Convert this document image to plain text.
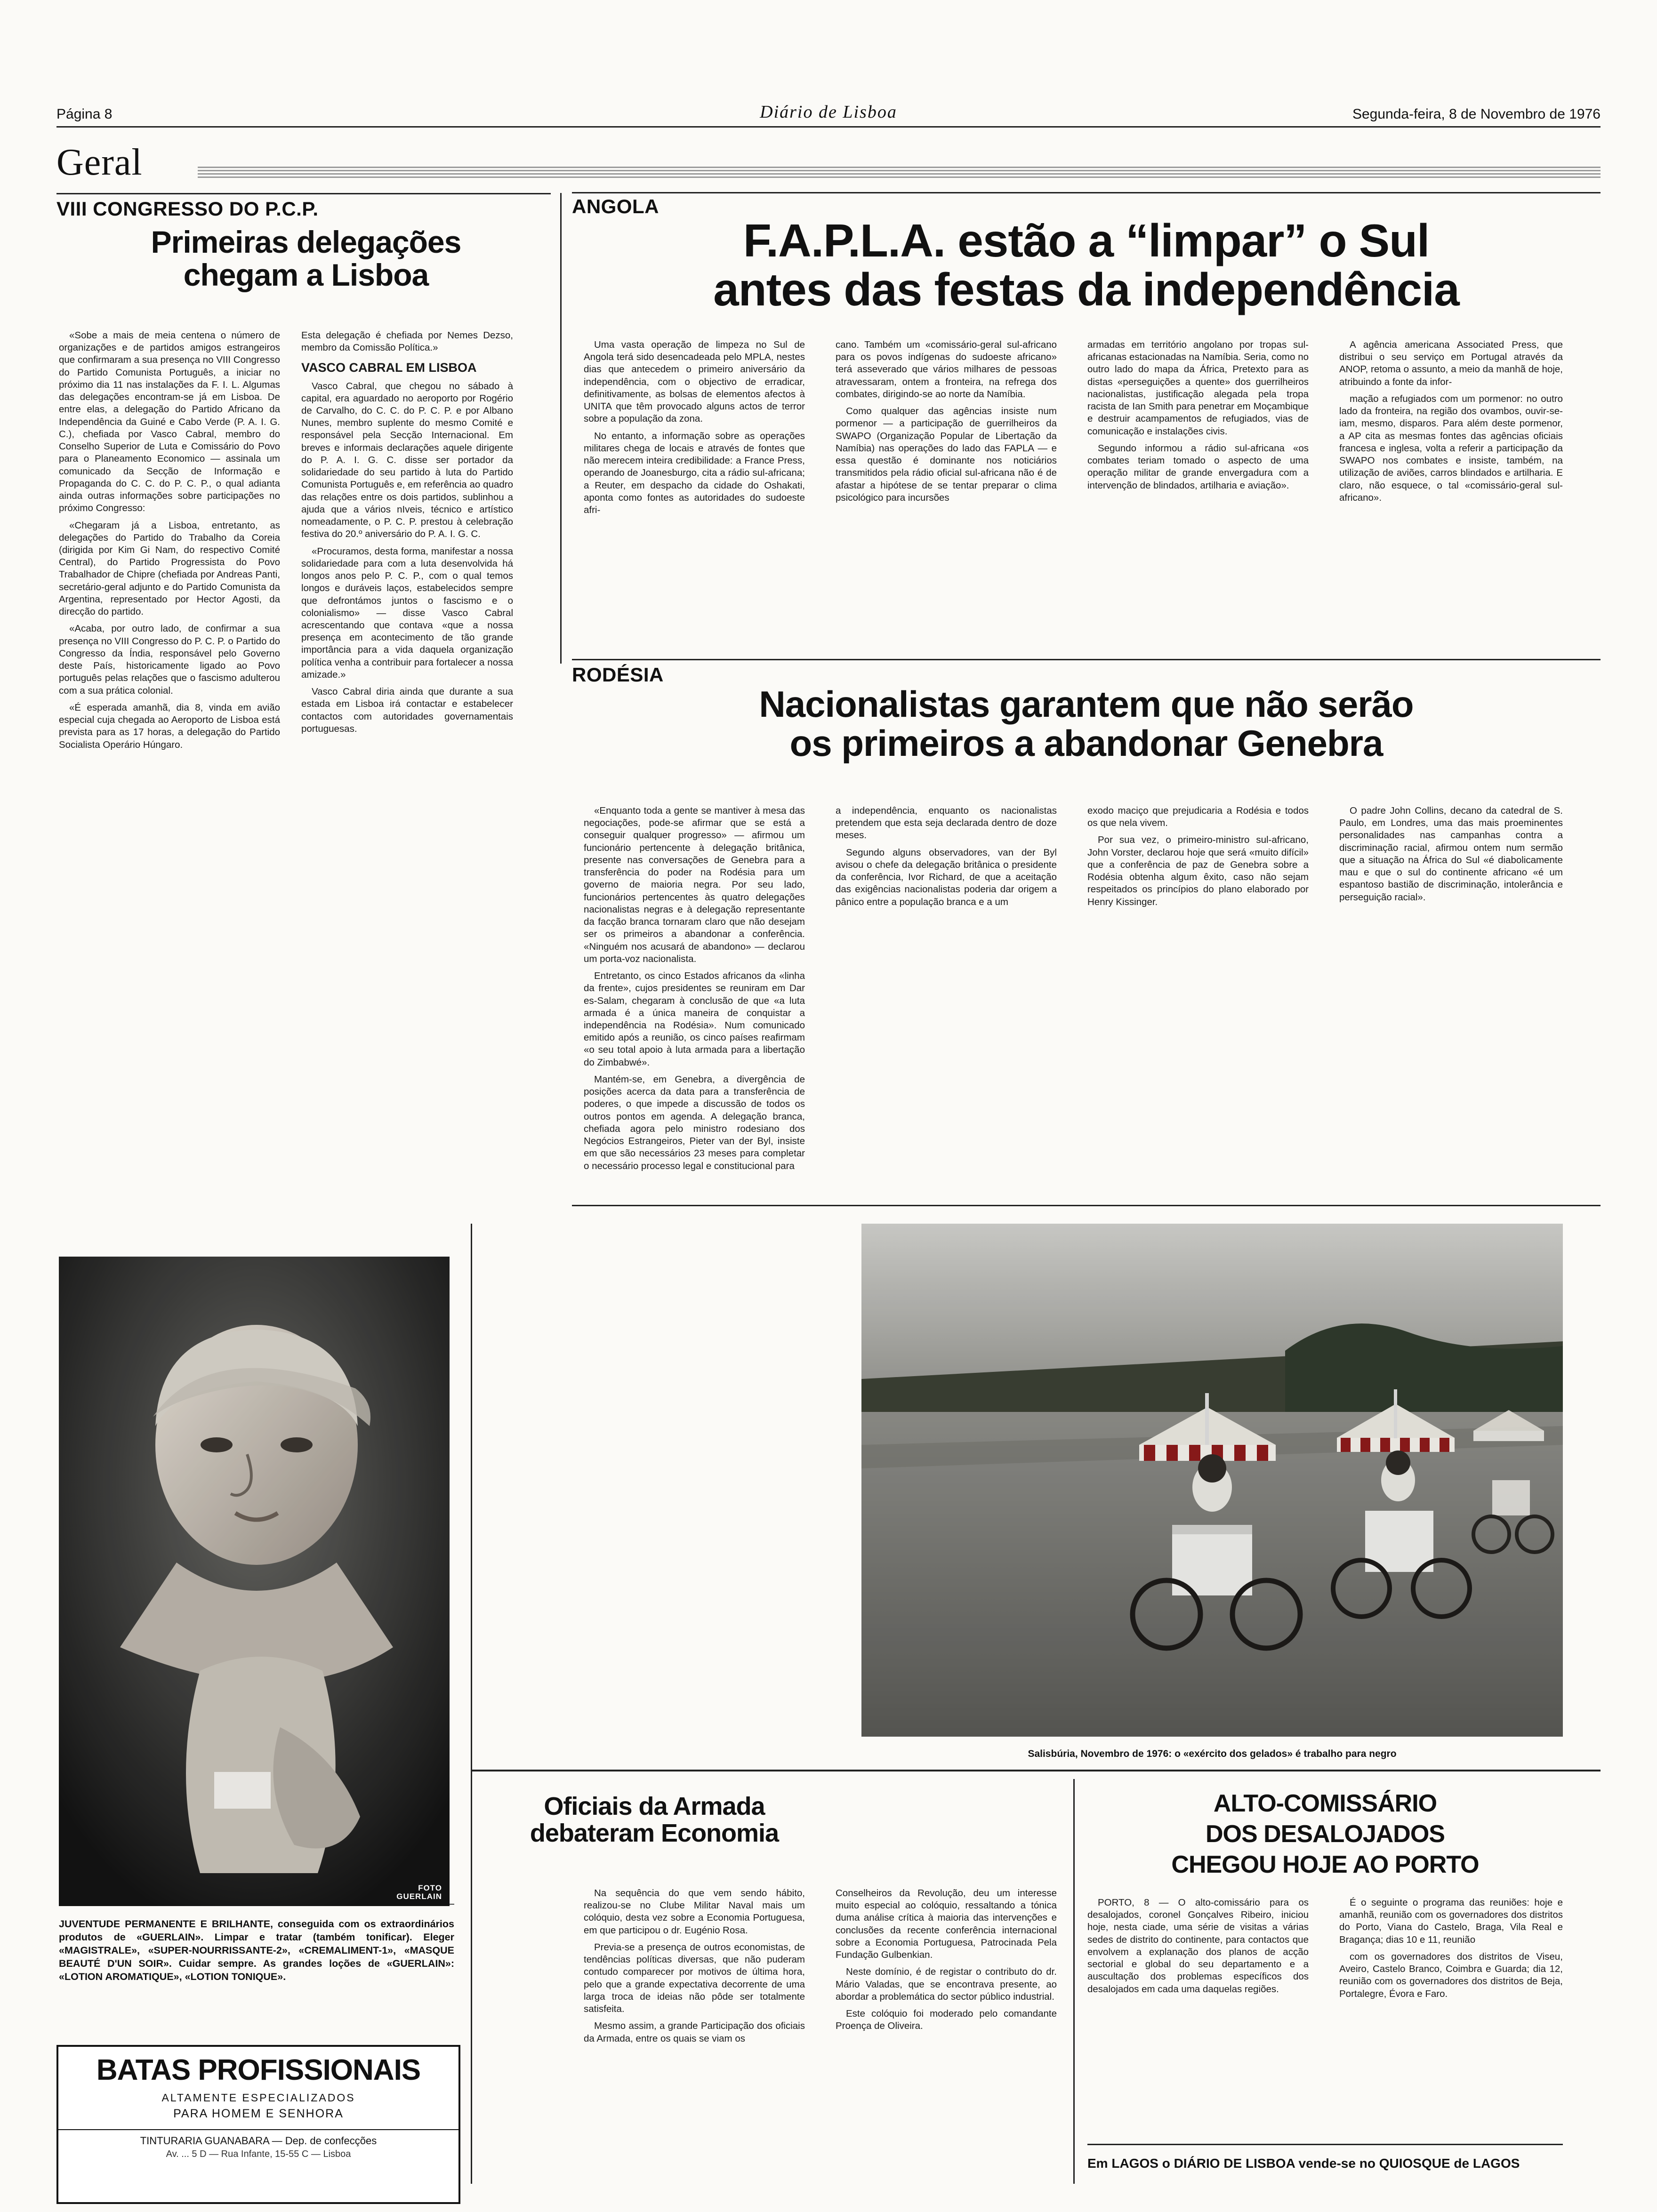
Página 8	Diário de Lisboa	Segunda-feira, 8 de Novembro de 1976
Geral
VIII CONGRESSO DO P.C.P.
Primeiras delegações
chegam a Lisboa

«Sobe a mais de meia centena o número de organizações e de partidos amigos estrangeiros que confirmaram a sua presença no VIII Congresso do Partido Comunista Português, a iniciar no próximo dia 11 nas instalações da F. I. L. Algumas das delegações encontram-se já em Lisboa. De entre elas, a delegação do Partido Africano da Independência da Guiné e Cabo Verde (P. A. I. G. C.), chefiada por Vasco Cabral, membro do Conselho Superior de Luta e Comissário do Povo para o Planeamento Economico — assinala um comunicado da Secção de Informação e Propaganda do C. C. do P. C. P., o qual adianta ainda outras informações sobre participações no próximo Congresso:

«Chegaram já a Lisboa, entretanto, as delegações do Partido do Trabalho da Coreia (dirigida por Kim Gi Nam, do respectivo Comité Central), do Partido Progressista do Povo Trabalhador de Chipre (chefiada por Andreas Panti, secretário-geral adjunto e do Partido Comunista da Argentina, representado por Hector Agosti, da direcção do partido.

«Acaba, por outro lado, de confirmar a sua presença no VIII Congresso do P. C. P. o Partido do Congresso da Índia, responsável pelo Governo deste País, historicamente ligado ao Povo português pelas relações que o fascismo adulterou com a sua prática colonial.

«É esperada amanhã, dia 8, vinda em avião especial cuja chegada ao Aeroporto de Lisboa está prevista para as 17 horas, a delegação do Partido Socialista Operário Húngaro.

Esta delegação é chefiada por Nemes Dezso, membro da Comissão Política.»

VASCO CABRAL EM LISBOA

Vasco Cabral, que chegou no sábado à capital, era aguardado no aeroporto por Rogério de Carvalho, do C. C. do P. C. P. e por Albano Nunes, membro suplente do mesmo Comité e responsável pela Secção Internacional. Em breves e informais declarações aquele dirigente do P. A. I. G. C. disse ser portador da solidariedade do seu partido à luta do Partido Comunista Português e, em referência ao quadro das relações entre os dois partidos, sublinhou a ajuda que a vários nIveis, técnico e artístico nomeadamente, o P. C. P. prestou à celebração festiva do 20.º aniversário do P. A. I. G. C.

«Procuramos, desta forma, manifestar a nossa solidariedade para com a luta desenvolvida há longos anos pelo P. C. P., com o qual temos longos e duráveis laços, estabelecidos sempre que defrontámos juntos o fascismo e o colonialismo» — disse Vasco Cabral acrescentando que contava «que a nossa presença em acontecimento de tão grande importância para a vida daquela organização política venha a contribuir para fortalecer a nossa amizade.»

Vasco Cabral diria ainda que durante a sua estada em Lisboa irá contactar e estabelecer contactos com autoridades governamentais portuguesas.

ANGOLA
F.A.P.L.A. estão a “limpar” o Sul
antes das festas da independência

Uma vasta operação de limpeza no Sul de Angola terá sido desencadeada pelo MPLA, nestes dias que antecedem o primeiro aniversário da independência, com o objectivo de erradicar, definitivamente, as bolsas de elementos afectos à UNITA que têm provocado alguns actos de terror sobre a população da zona.

No entanto, a informação sobre as operações militares chega de locais e através de fontes que não merecem inteira credibilidade: a France Press, operando de Joanesburgo, cita a rádio sul-africana; a Reuter, em despacho da cidade do Oshakati, aponta como fontes as autoridades do sudoeste afri-

cano. Também um «comissário-geral sul-africano para os povos indígenas do sudoeste africano» terá asseverado que vários milhares de pessoas atravessaram, ontem a fronteira, na refrega dos combates, dirigindo-se ao norte da Namíbia.

Como qualquer das agências insiste num pormenor — a participação de guerrilheiros da SWAPO (Organização Popular de Libertação da Namíbia) nas operações do lado das FAPLA — e essa questão é dominante nos noticiários transmitidos pela rádio oficial sul-africana não é de afastar a hipótese de se tentar preparar o clima psicológico para incursões

armadas em território angolano por tropas sul-africanas estacionadas na Namíbia. Seria, como no outro lado do mapa da África, Pretexto para as distas «perseguições a quente» dos guerrilheiros nacionalistas, justificação alegada pela tropa racista de Ian Smith para penetrar em Moçambique e destruir acampamentos de refugiados, vias de comunicação e instalações civis.

Segundo informou a rádio sul-africana «os combates teriam tomado o aspecto de uma operação militar de grande envergadura com a intervenção de blindados, artilharia e aviação».

A agência americana Associated Press, que distribui o seu serviço em Portugal através da ANOP, retoma o assunto, a meio da manhã de hoje, atribuindo a fonte da infor-

mação a refugiados com um pormenor: no outro lado da fronteira, na região dos ovambos, ouvir-se-iam, mesmo, disparos. Para além deste pormenor, a AP cita as mesmas fontes das agências oficiais francesa e inglesa, volta a referir a participação da SWAPO nos combates e insiste, também, na utilização de aviões, carros blindados e artilharia. E claro, não esquece, o tal «comissário-geral sul-africano».

RODÉSIA
Nacionalistas garantem que não serão
os primeiros a abandonar Genebra

«Enquanto toda a gente se mantiver à mesa das negociações, pode-se afirmar que se está a conseguir qualquer progresso» — afirmou um funcionário pertencente à delegação britânica, presente nas conversações de Genebra para a transferência do poder na Rodésia para um governo de maioria negra. Por seu lado, funcionários pertencentes às quatro delegações nacionalistas negras e à delegação representante da facção branca tornaram claro que não desejam ser os primeiros a abandonar a conferência. «Ninguém nos acusará de abandono» — declarou um porta-voz nacionalista.

Entretanto, os cinco Estados africanos da «linha da frente», cujos presidentes se reuniram em Dar es-Salam, chegaram à conclusão de que «a luta armada é a única maneira de conquistar a independência na Rodésia». Num comunicado emitido após a reunião, os cinco países reafirmam «o seu total apoio à luta armada para a libertação do Zimbabwé».

Mantém-se, em Genebra, a divergência de posições acerca da data para a transferência de poderes, o que impede a discussão de todos os outros pontos em agenda. A delegação branca, chefiada agora pelo ministro rodesiano dos Negócios Estrangeiros, Pieter van der Byl, insiste em que são necessários 23 meses para completar o necessário processo legal e constitucional para

a independência, enquanto os nacionalistas pretendem que esta seja declarada dentro de doze meses.

Segundo alguns observadores, van der Byl avisou o chefe da delegação britânica o presidente da conferência, Ivor Richard, de que a aceitação das exigências nacionalistas poderia dar origem a pânico entre a população branca e a um

exodo maciço que prejudicaria a Rodésia e todos os que nela vivem.

Por sua vez, o primeiro-ministro sul-africano, John Vorster, declarou hoje que será «muito difícil» que a conferência de paz de Genebra sobre a Rodésia obtenha algum êxito, caso não sejam respeitados os princípios do plano elaborado por Henry Kissinger.

O padre John Collins, decano da catedral de S. Paulo, em Londres, uma das mais proeminentes personalidades nas campanhas contra a discriminação racial, afirmou ontem num sermão que a situação na África do Sul «é diabolicamente mau e que o sul do continente africano «é um espantoso bastião de discriminação, intolerância e perseguição racial».

Salisbúria, Novembro de 1976: o «exército dos gelados» é trabalho para negro
FOTO
GUERLAIN
JUVENTUDE PERMANENTE E BRILHANTE, conseguida com os extraordinários produtos de «GUERLAIN». Limpar e tratar (também tonificar). Eleger «MAGISTRALE», «SUPER-NOURRISSANTE-2», «CREMALIMENT-1», «MASQUE BEAUTÉ D'UN SOIR». Cuidar sempre. As grandes loções de «GUERLAIN»: «LOTION AROMATIQUE», «LOTION TONIQUE».
BATAS PROFISSIONAIS
ALTAMENTE ESPECIALIZADOS
PARA HOMEM E SENHORA
TINTURARIA GUANABARA — Dep. de confecções
Av. ... 5 D — Rua Infante, 15-55 C — Lisboa
Oficiais da Armada
debateram Economia

Na sequência do que vem sendo hábito, realizou-se no Clube Militar Naval mais um colóquio, desta vez sobre a Economia Portuguesa, em que participou o dr. Eugénio Rosa.

Previa-se a presença de outros economistas, de tendências políticas diversas, que não puderam contudo comparecer por motivos de última hora, pelo que a grande expectativa decorrente de uma larga troca de ideias não pôde ser totalmente satisfeita.

Mesmo assim, a grande Participação dos oficiais da Armada, entre os quais se viam os

Conselheiros da Revolução, deu um interesse muito especial ao colóquio, ressaltando a tónica duma análise crítica à maioria das intervenções e conclusões da recente conferência internacional sobre a Economia Portuguesa, Patrocinada Pela Fundação Gulbenkian.

Neste domínio, é de registar o contributo do dr. Mário Valadas, que se encontrava presente, ao abordar a problemática do sector público industrial.

Este colóquio foi moderado pelo comandante Proença de Oliveira.

ALTO-COMISSÁRIO
DOS DESALOJADOS
CHEGOU HOJE AO PORTO

PORTO, 8 — O alto-comissário para os desalojados, coronel Gonçalves Ribeiro, iniciou hoje, nesta ciade, uma série de visitas a várias sedes de distrito do continente, para contactos que envolvem a explanação dos planos de acção sectorial e global do seu departamento e a auscultação dos problemas específicos dos desalojados em cada uma daquelas regiões.

É o seguinte o programa das reuniões: hoje e amanhã, reunião com os governadores dos distritos do Porto, Viana do Castelo, Braga, Vila Real e Bragança; dias 10 e 11, reunião

com os governadores dos distritos de Viseu, Aveiro, Castelo Branco, Coimbra e Guarda; dia 12, reunião com os governadores dos distritos de Beja, Portalegre, Évora e Faro.

Em LAGOS o DIÁRIO DE LISBOA vende-se no QUIOSQUE de LAGOS
